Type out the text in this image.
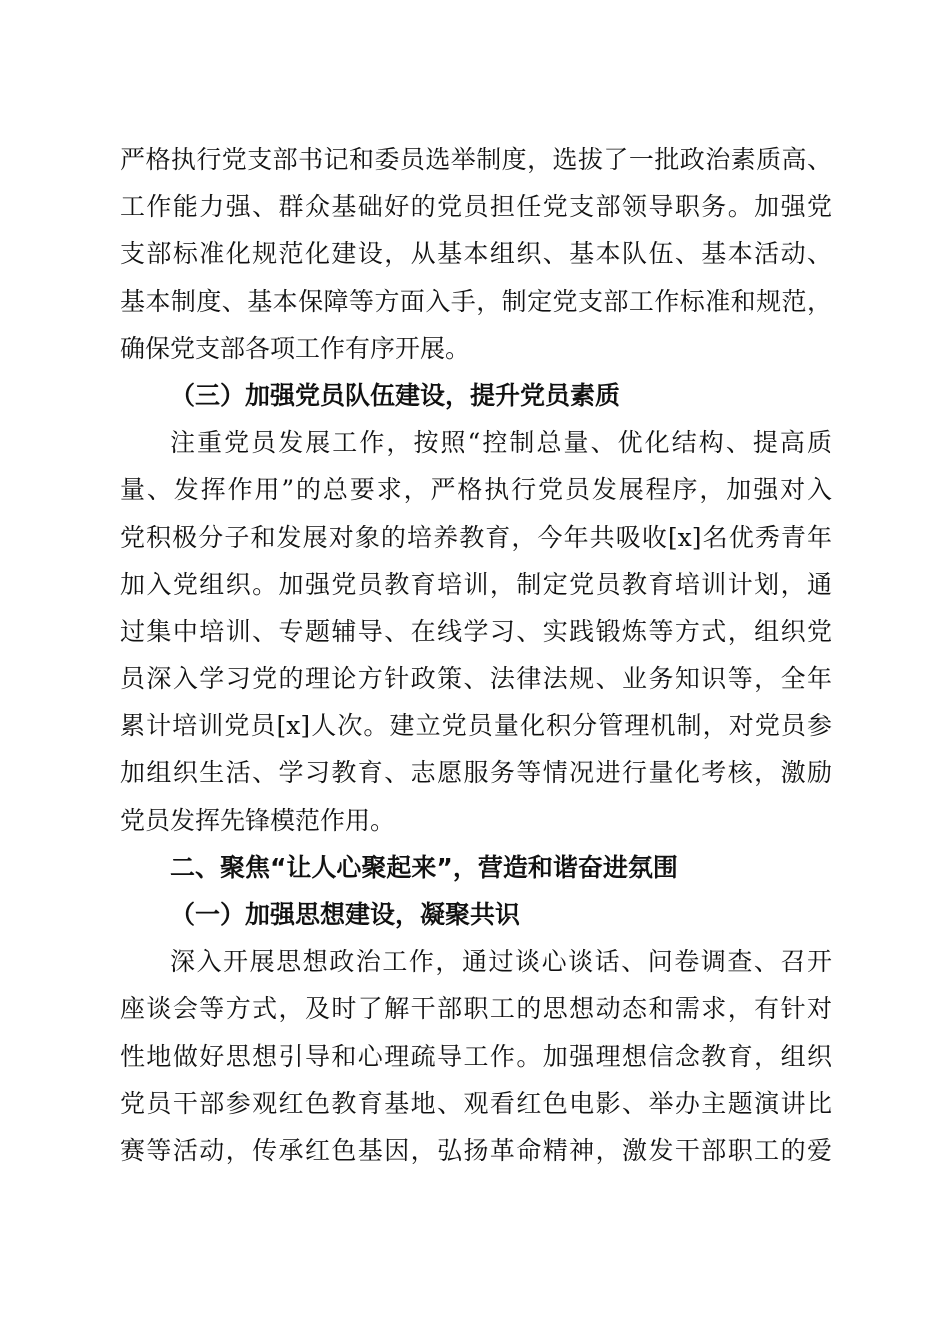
严格执行党支部书记和委员选举制度，选拔了一批政治素质高、
工作能力强、群众基础好的党员担任党支部领导职务。加强党
支部标准化规范化建设，从基本组织、基本队伍、基本活动、
基本制度、基本保障等方面入手，制定党支部工作标准和规范，
确保党支部各项工作有序开展。
（三）加强党员队伍建设，提升党员素质
注重党员发展工作，按照“控制总量、优化结构、提高质
量、发挥作用”的总要求，严格执行党员发展程序，加强对入
党积极分子和发展对象的培养教育，今年共吸收[x]名优秀青年
加入党组织。加强党员教育培训，制定党员教育培训计划，通
过集中培训、专题辅导、在线学习、实践锻炼等方式，组织党
员深入学习党的理论方针政策、法律法规、业务知识等，全年
累计培训党员[x]人次。建立党员量化积分管理机制，对党员参
加组织生活、学习教育、志愿服务等情况进行量化考核，激励
党员发挥先锋模范作用。
二、聚焦“让人心聚起来”，营造和谐奋进氛围
（一）加强思想建设，凝聚共识
深入开展思想政治工作，通过谈心谈话、问卷调查、召开
座谈会等方式，及时了解干部职工的思想动态和需求，有针对
性地做好思想引导和心理疏导工作。加强理想信念教育，组织
党员干部参观红色教育基地、观看红色电影、举办主题演讲比
赛等活动，传承红色基因，弘扬革命精神，激发干部职工的爱
